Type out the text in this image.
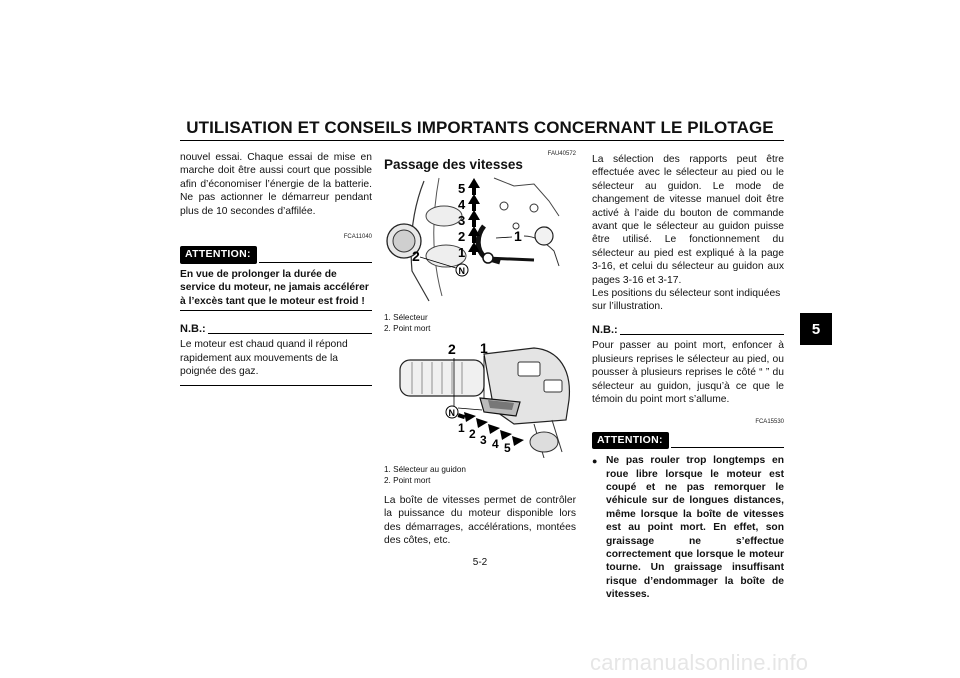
UTILISATION ET CONSEILS IMPORTANTS CONCERNANT LE PILOTAGE
5

nouvel essai. Chaque essai de mise en marche doit être aussi court que possible afin d’économiser l’énergie de la batterie. Ne pas actionner le démarreur pendant plus de 10 secondes d’affilée.

FCA11040
ATTENTION:

En vue de prolonger la durée de service du moteur, ne jamais accélérer à l’excès tant que le moteur est froid !

N.B.:

Le moteur est chaud quand il répond rapidement aux mouvements de la poignée des gaz.

FAU40572
Passage des vitesses
5
4
3
2
1
N
1
2
1. Sélecteur
2. Point mort
2 1
N
1 2 3 4 5
1. Sélecteur au guidon
2. Point mort

La boîte de vitesses permet de contrôler la puissance du moteur disponible lors des démarrages, accélérations, montées des côtes, etc.

La sélection des rapports peut être effectuée avec le sélecteur au pied ou le sélecteur au guidon. Le mode de changement de vitesse manuel doit être activé à l’aide du bouton de commande avant que le sélecteur au guidon puisse être utilisé. Le fonctionnement du sélecteur au pied est expliqué à la page 3-16, et celui du sélecteur au guidon aux pages 3-16 et 3-17.

Les positions du sélecteur sont indiquées sur l’illustration.

N.B.:

Pour passer au point mort, enfoncer à plusieurs reprises le sélecteur au pied, ou pousser à plusieurs reprises le côté “ ” du sélecteur au guidon, jusqu’à ce que le témoin du point mort s’allume.

FCA15530
ATTENTION:
● Ne pas rouler trop longtemps en roue libre lorsque le moteur est coupé et ne pas remorquer le véhicule sur de longues distances, même lorsque la boîte de vitesses est au point mort. En effet, son graissage ne s’effectue correctement que lorsque le moteur tourne. Un graissage insuffisant risque d’endommager la boîte de vitesses.

5-2
carmanualsonline.info
